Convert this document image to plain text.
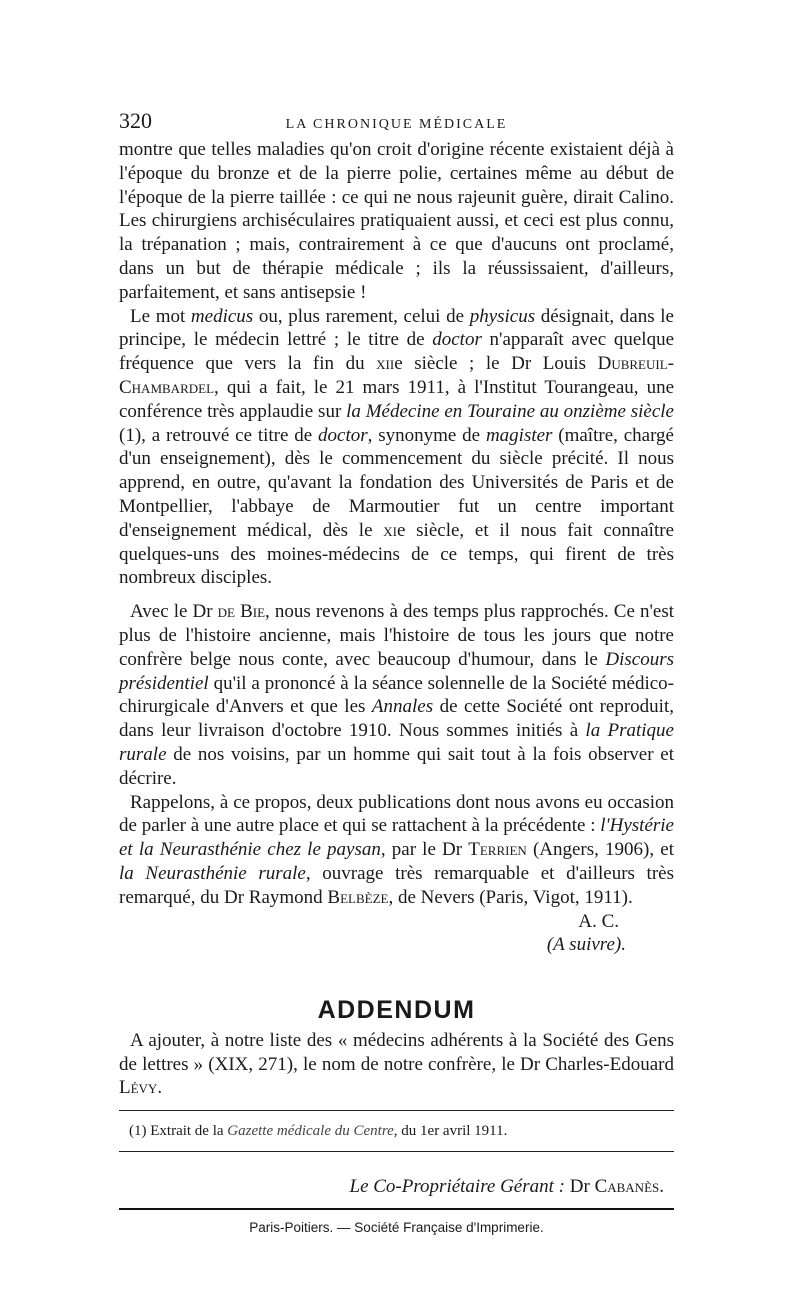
320	LA CHRONIQUE MÉDICALE

montre que telles maladies qu'on croit d'origine récente existaient déjà à l'époque du bronze et de la pierre polie, certaines même au début de l'époque de la pierre taillée : ce qui ne nous rajeunit guère, dirait Calino. Les chirurgiens archiséculaires pratiquaient aussi, et ceci est plus connu, la trépanation ; mais, contrairement à ce que d'aucuns ont proclamé, dans un but de thérapie médicale ; ils la réussissaient, d'ailleurs, parfaitement, et sans antisepsie !

Le mot medicus ou, plus rarement, celui de physicus désignait, dans le principe, le médecin lettré ; le titre de doctor n'apparaît avec quelque fréquence que vers la fin du xiie siècle ; le Dr Louis Dubreuil-Chambardel, qui a fait, le 21 mars 1911, à l'Institut Tourangeau, une conférence très applaudie sur la Médecine en Touraine au onzième siècle (1), a retrouvé ce titre de doctor, synonyme de magister (maître, chargé d'un enseignement), dès le commencement du siècle précité. Il nous apprend, en outre, qu'avant la fondation des Universités de Paris et de Montpellier, l'abbaye de Marmoutier fut un centre important d'enseignement médical, dès le xie siècle, et il nous fait connaître quelques-uns des moines-médecins de ce temps, qui firent de très nombreux disciples.

Avec le Dr de Bie, nous revenons à des temps plus rapprochés. Ce n'est plus de l'histoire ancienne, mais l'histoire de tous les jours que notre confrère belge nous conte, avec beaucoup d'humour, dans le Discours présidentiel qu'il a prononcé à la séance solennelle de la Société médico-chirurgicale d'Anvers et que les Annales de cette Société ont reproduit, dans leur livraison d'octobre 1910. Nous sommes initiés à la Pratique rurale de nos voisins, par un homme qui sait tout à la fois observer et décrire.

Rappelons, à ce propos, deux publications dont nous avons eu occasion de parler à une autre place et qui se rattachent à la précédente : l'Hystérie et la Neurasthénie chez le paysan, par le Dr Terrien (Angers, 1906), et la Neurasthénie rurale, ouvrage très remarquable et d'ailleurs très remarqué, du Dr Raymond Belbèze, de Nevers (Paris, Vigot, 1911).

A. C.

(A suivre).

ADDENDUM

A ajouter, à notre liste des « médecins adhérents à la Société des Gens de lettres » (XIX, 271), le nom de notre confrère, le Dr Charles-Edouard Lévy.

(1) Extrait de la Gazette médicale du Centre, du 1er avril 1911.
Le Co-Propriétaire Gérant : Dr Cabanès.
Paris-Poitiers. — Société Française d'Imprimerie.
